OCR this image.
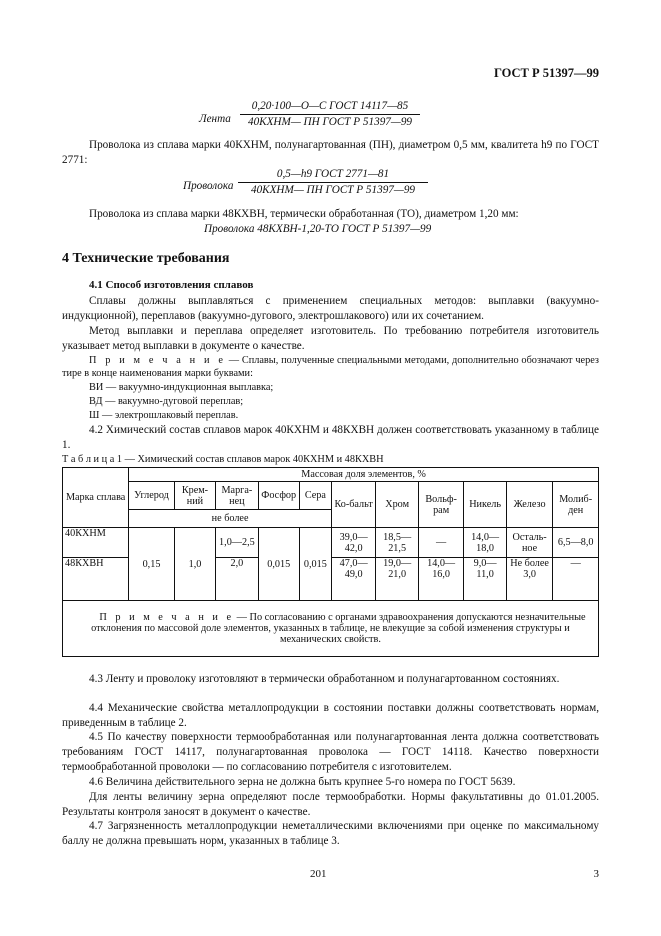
ГОСТ Р 51397—99
Лента
0,20·100—О—С ГОСТ 14117—85
40КХНМ— ПН ГОСТ Р 51397—99
Проволока из сплава марки 40КХНМ, полунагартованная (ПН), диаметром 0,5 мм, квалитета h9 по ГОСТ 2771:
Проволока
0,5—h9 ГОСТ 2771—81
40КХНМ— ПН ГОСТ Р 51397—99
Проволока из сплава марки 48КХВН, термически обработанная (ТО), диаметром 1,20 мм:
Проволока 48КХВН-1,20-ТО ГОСТ Р 51397—99
4 Технические требования
4.1 Способ изготовления сплавов
Сплавы должны выплавляться с применением специальных методов: выплавки (вакуумно-индукционной), переплавов (вакуумно-дугового, электрошлакового) или их сочетанием.
Метод выплавки и переплава определяет изготовитель. По требованию потребителя изготовитель указывает метод выплавки в документе о качестве.
П р и м е ч а н и е — Сплавы, полученные специальными методами, дополнительно обозначают через тире в конце наименования марки буквами:
ВИ — вакуумно-индукционная выплавка;
ВД — вакуумно-дуговой переплав;
Ш — электрошлаковый переплав.
4.2 Химический состав сплавов марок 40КХНМ и 48КХВН должен соответствовать указанному в таблице 1.
Т а б л и ц а 1 — Химический состав сплавов марок 40КХНМ и 48КХВН
Марка сплава	Массовая доля элементов, %										
	Углерод	Крем-ний	Марга-нец	Фосфор	Сера	Ко-бальт	Хром	Вольф-рам	Никель	Железо	Молиб-ден
	не более										
40КХНМ	0,15	1,0	1,0—2,5	0,015	0,015	39,0—42,0	18,5—21,5	—	14,0—18,0	Осталь-ное	6,5—8,0
48КХВН			2,0			47,0—49,0	19,0—21,0	14,0—16,0	9,0—11,0	Не более 3,0	—
П р и м е ч а н и е — По согласованию с органами здравоохранения допускаются незначительные отклонения по массовой доле элементов, указанных в таблице, не влекущие за собой изменения структуры и механических свойств.											
4.3 Ленту и проволоку изготовляют в термически обработанном и полунагартованном состояниях.
4.4 Механические свойства металлопродукции в состоянии поставки должны соответствовать нормам, приведенным в таблице 2.
4.5 По качеству поверхности термообработанная или полунагартованная лента должна соответствовать требованиям ГОСТ 14117, полунагартованная проволока — ГОСТ 14118. Качество поверхности термообработанной проволоки — по согласованию потребителя с изготовителем.
4.6 Величина действительного зерна не должна быть крупнее 5-го номера по ГОСТ 5639.
Для ленты величину зерна определяют после термообработки. Нормы факультативны до 01.01.2005. Результаты контроля заносят в документ о качестве.
4.7 Загрязненность металлопродукции неметаллическими включениями при оценке по максимальному баллу не должна превышать норм, указанных в таблице 3.
201	3
